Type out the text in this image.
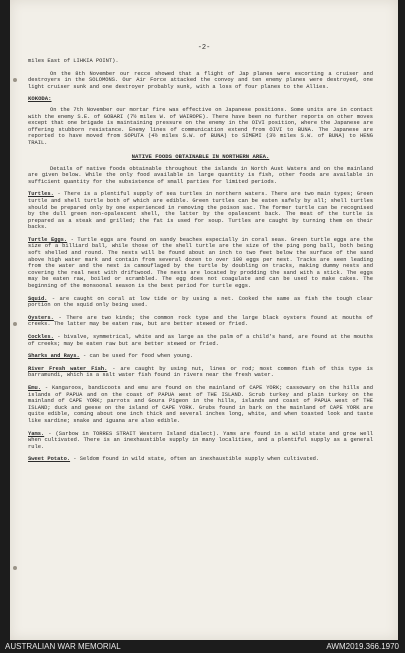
-2-

miles East of LIHKIA POINT).

On the 8th November our recce showed that a flight of Jap planes were escorting a cruiser and destroyers in the SOLOMONS. Our Air Force attacked the convoy and ten enemy planes were destroyed, one light cruiser sunk and one destroyer probably sunk, with a loss of four planes to the Allies.

KOKODA:

On the 7th November our mortar fire was effective on Japanese positions. Some units are in contact with the enemy S.E. of GOBARI (7½ miles W. of WAIROPE). There have been no further reports on other moves except that one brigade is maintaining pressure on the enemy in the OIVI position, where the Japanese are offering stubborn resistance. Enemy lines of communication extend from OIVI to BUNA. The Japanese are reported to have moved from SOPUTA (4½ miles S.W. of BUNA) to SIMEMI (3½ miles S.W. of BUNA) to HENG TRAIL.

NATIVE FOODS OBTAINABLE IN NORTHERN AREA.

Details of native foods obtainable throughout the islands in North Aust Waters and on the mainland are given below. While the only food available in large quantity is fish, other foods are available in sufficient quantity for the subsistence of small parties for limited periods.

Turtles. - There is a plentiful supply of sea turtles in northern waters. There are two main types; Green turtle and shell turtle both of which are edible. Green turtles can be eaten safely by all; shell turtles should be prepared only by one experienced in removing the poison sac. The former turtle can be recognised by the dull green non-opalescent shell, the latter by the opalescent back. The meat of the turtle is prepared as a steak and grilled; the fat is used for soup. Turtles are caught by turning them on their backs.

Turtle Eggs. - Turtle eggs are found on sandy beaches especially in coral seas. Green turtle eggs are the size of a billiard ball, while those of the shell turtle are the size of the ping pong ball, both being soft shelled and round. The nests will be found about an inch to two feet below the surface of the sand above high water mark and contain from several dozen to over 100 eggs per nest. Tracks are seen leading from the water and the nest is camouflaged by the turtle by doubling on tracks, making dummy nests and covering the real nest with driftwood. The nests are located by prodding the sand with a stick. The eggs may be eaten raw, boiled or scrambled. The egg does not coagulate and can be used to make cakes. The beginning of the monsoonal season is the best period for turtle eggs.

Squid. - are caught on coral at low tide or by using a net. Cooked the same as fish the tough clear portion on the squid only being used.

Oysters. - There are two kinds; the common rock type and the large black oysters found at mouths of creeks. The latter may be eaten raw, but are better stewed or fried.

Cockles. - bivalve, symmetrical, white and as large as the palm of a child's hand, are found at the mouths of creeks; may be eaten raw but are better stewed or fried.

Sharks and Rays. - can be used for food when young.

River Fresh water Fish. - are caught by using nut, lines or rod; most common fish of this type is barramundi, which is a salt water fish found in rivers near the fresh water.

Emu. - Kangaroos, bandicoots and emu are found on the mainland of CAPE YORK; cassowary on the hills and islands of PAPUA and on the coast of PAPUA west of THE ISLAND. Scrub turkey and plain turkey on the mainland of CAPE YORK; parrots and Goura Pigeon in the hills, islands and coast of PAPUA west of THE ISLAND; duck and geese on the island of CAPE YORK. Grubs found in bark on the mainland of CAPE YORK are quite edible, coming about one inch thick and several inches long, white, and when toasted look and taste like sardine; snake and iguana are also edible.

Yams. - (Sarbow in TORRES STRAIT Western Island dialect). Yams are found in a wild state and grow well when cultivated. There is an inexhaustible supply in many localities, and a plentiful supply as a general rule.

Sweet Potato. - Seldom found in wild state, often an inexhaustible supply when cultivated.

AUSTRALIAN WAR MEMORIAL	AWM2019.366.1970
